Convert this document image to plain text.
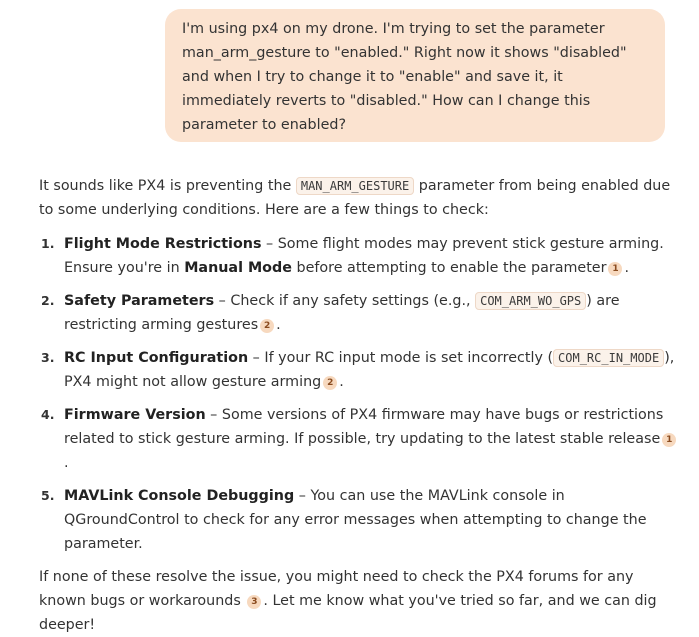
I'm using px4 on my drone. I'm trying to set the parameter man_arm_gesture to "enabled." Right now it shows "disabled" and when I try to change it to "enable" and save it, it immediately reverts to "disabled." How can I change this parameter to enabled?

It sounds like PX4 is preventing the MAN_ARM_GESTURE parameter from being enabled due to some underlying conditions. Here are a few things to check:

1. Flight Mode Restrictions – Some flight modes may prevent stick gesture arming. Ensure you're in Manual Mode before attempting to enable the parameter 1 .
2. Safety Parameters – Check if any safety settings (e.g., COM_ARM_WO_GPS ) are restricting arming gestures 2 .
3. RC Input Configuration – If your RC input mode is set incorrectly ( COM_RC_IN_MODE ), PX4 might not allow gesture arming 2 .
4. Firmware Version – Some versions of PX4 firmware may have bugs or restrictions related to stick gesture arming. If possible, try updating to the latest stable release 1.
5. MAVLink Console Debugging – You can use the MAVLink console in QGroundControl to check for any error messages when attempting to change the parameter.

If none of these resolve the issue, you might need to check the PX4 forums for any known bugs or workarounds 3 . Let me know what you've tried so far, and we can dig deeper!
